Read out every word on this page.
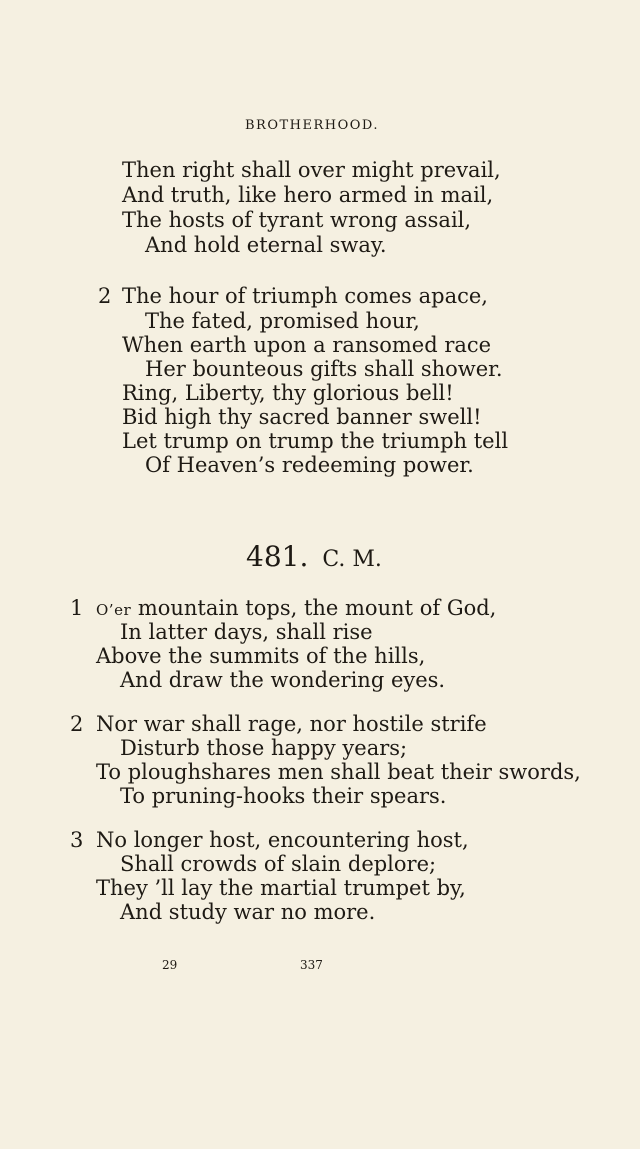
BROTHERHOOD.
Then right shall over might prevail,
And truth, like hero armed in mail,
The hosts of tyrant wrong assail,
And hold eternal sway.
2 The hour of triumph comes apace,
The fated, promised hour,
When earth upon a ransomed race
Her bounteous gifts shall shower.
Ring, Liberty, thy glorious bell!
Bid high thy sacred banner swell!
Let trump on trump the triumph tell
Of Heaven’s redeeming power.
481. C. M.
1 O’er mountain tops, the mount of God,
In latter days, shall rise
Above the summits of the hills,
And draw the wondering eyes.
2 Nor war shall rage, nor hostile strife
Disturb those happy years;
To ploughshares men shall beat their swords,
To pruning-hooks their spears.
3 No longer host, encountering host,
Shall crowds of slain deplore;
They ’ll lay the martial trumpet by,
And study war no more.
29	337
